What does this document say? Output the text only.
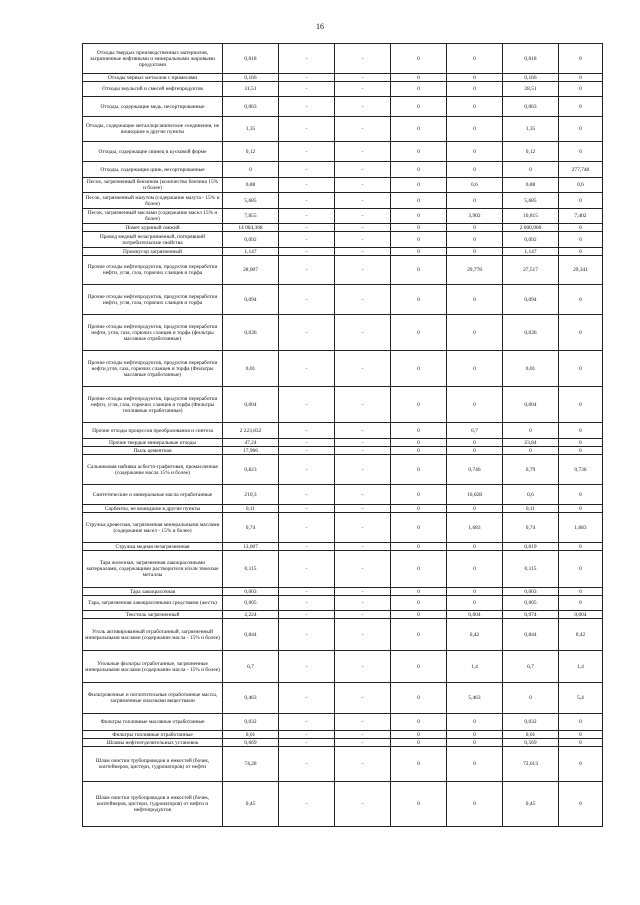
16
Отходы твердых производственных материалов, загрязненные нефтяными и минеральными жировыми продуктами	0,018	-	-	0	0	0,018	0
Отходы черных металлов с примесями	0,166	-	-	0	0	0,166	0
Отходы эмульсий и смесей нефтепродуктов	31,51	-	-	0	0	28,51	0
Отходы, содержащие медь, несортированные	0,063	-	-	0	0	0,063	0
Отходы, содержащие металлорганические соединения, не вошедшие в другие пункты	1,35	-	-	0	0	1,35	0
Отходы, содержащие свинец в кусковой форме	0,12	-	-	0	0	0,12	0
Отходы, содержащие цинк, несортированные	0	-	-	0	0	0	277,748
Песок, загрязненный бензином (количество бензина 15% и более)	0,88	-	-	0	0,6	0,88	0,6
Песок, загрязненный мазутом (содержание мазута - 15% и более)	5,685	-	-	0	0	5,685	0
Песок, загрязненный маслами (содержание масел 15% и более)	7,855	-	-	0	3,902	10,815	7,402
Помет куриный свежий	14 004,368	-	-	0	0	2 000,900	0
Провод медный незагрязненный, потерявший потребительские свойства	0,092	-	-	0	0	0,092	0
Промиусор загрязненный	1,147	-	-	0	0	1,147	0
Прочие отходы нефтепродуктов, продуктов переработки нефти, угля, газа, горючих сланцев и торфа	28,007	-	-	0	29,778	27,517	29,341
Прочие отходы нефтепродуктов, продуктов переработки нефти, угля, газа, горючих сланцев и торфа	0,094	-	-	0	0	0,094	0
Прочие отходы нефтепродуктов, продуктов переработки нефти, угля, газа, горючих сланцев и торфа (фильтры масляные отработанные)	0,036	-	-	0	0	0,036	0
Прочие отходы нефтепродуктов, продуктов переработки нефти,угля, газа, горючих сланцев и торфа (Фильтры масляные отработанные)	0,01	-	-	0	0	0,01	0
Прочие отходы нефтепродуктов, продуктов переработки нефти, угля, газа, горючих сланцев и торфа (Фильтры топливные отработанные)	0,004	-	-	0	0	0,004	0
Прочие отходы процессов преобразования и синтеза	2 223,832	-	-	0	6,7	0	0
Прочие твердые минеральные отходы	47,24	-	-	0	0	23,84	0
Пыль цементная	17,966	-	-	0	0	0	0
Сальниковая набивка асбесто-графитовая, промасленная (содержание масла 15% и более)	0,823	-	-	0	0,746	0,79	0,736
Синтетические и минеральные масла отработанные	210,3	-	-	0	16,028	0,6	0
Сорбенты, не вошедшие в другие пункты	0,11	-	-	0	0	0,11	0
Стружка древесная, загрязненная минеральными маслами (содержание масел - 15% и более)	0,74	-	-	0	1,683	0,74	1,683
Стружка медная незагрязненная	13,007	-	-	0	0	0,019	0
Тара железная, загрязненная лакокрасочными материалами, содержащими растворители и/или тяжелые металлы	0,115	-	-	0	0	0,115	0
Тара лакокрасочная	0,003	-	-	0	0	0,003	0
Тара, загрязненная лакокрасочными средствами (жесть)	0,005	-	-	0	0	0,005	0
Текстиль загрязненный	2,224	-	-	0	0,004	0,974	0,004
Уголь активированный отработанный, загрязненный минеральными маслами (содержание масла - 15% и более)	0,844	-	-	0	0,42	0,844	0,42
Угольные фильтры отработанные, загрязненные минеральными маслами (содержание масла - 15% и более)	0,7	-	-	0	1,4	0,7	1,4
Фильтровочные и поглотительные отработанные массы, загрязненные опасными веществами	0,463	-	-	0	5,463	0	5,4
Фильтры топливные масляные отработанные	0,032	-	-	0	0	0,032	0
Фильтры топливные отработанные	0,01	-	-	0	0	0,01	0
Шламы нефтеотделительных установок	0,669	-	-	0	0	0,569	0
Шлам очистки трубопроводов и емкостей (бочек, контейнеров, цистерн, гудронаторов) от нефти	74,28	-	-	0	0	72,613	0
Шлам очистки трубопроводов и емкостей (бочек, контейнеров, цистерн, гудронаторов) от нефти и нефтепродуктов	0,45	-	-	0	0	0,45	0
